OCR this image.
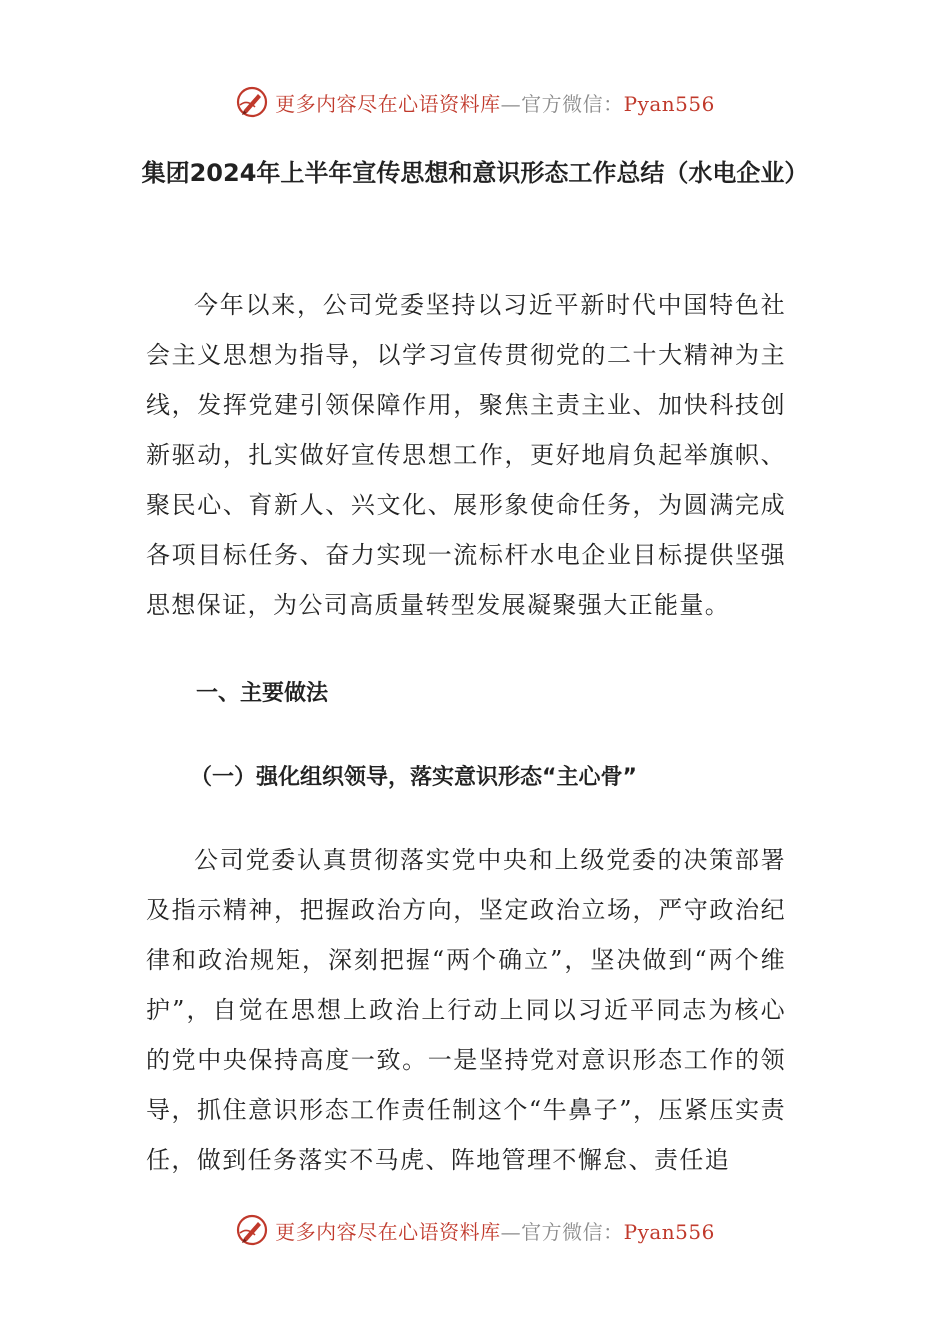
更多内容尽在心语资料库—官方微信：Pyan556
集团2024年上半年宣传思想和意识形态工作总结（水电企业）
今年以来，公司党委坚持以习近平新时代中国特色社会主义思想为指导，以学习宣传贯彻党的二十大精神为主线，发挥党建引领保障作用，聚焦主责主业、加快科技创新驱动，扎实做好宣传思想工作，更好地肩负起举旗帜、聚民心、育新人、兴文化、展形象使命任务，为圆满完成各项目标任务、奋力实现一流标杆水电企业目标提供坚强思想保证，为公司高质量转型发展凝聚强大正能量。
一、主要做法
（一）强化组织领导，落实意识形态“主心骨”
公司党委认真贯彻落实党中央和上级党委的决策部署及指示精神，把握政治方向，坚定政治立场，严守政治纪律和政治规矩，深刻把握“两个确立”，坚决做到“两个维护”，自觉在思想上政治上行动上同以习近平同志为核心的党中央保持高度一致。一是坚持党对意识形态工作的领导，抓住意识形态工作责任制这个“牛鼻子”，压紧压实责任，做到任务落实不马虎、阵地管理不懈怠、责任追
更多内容尽在心语资料库—官方微信：Pyan556
